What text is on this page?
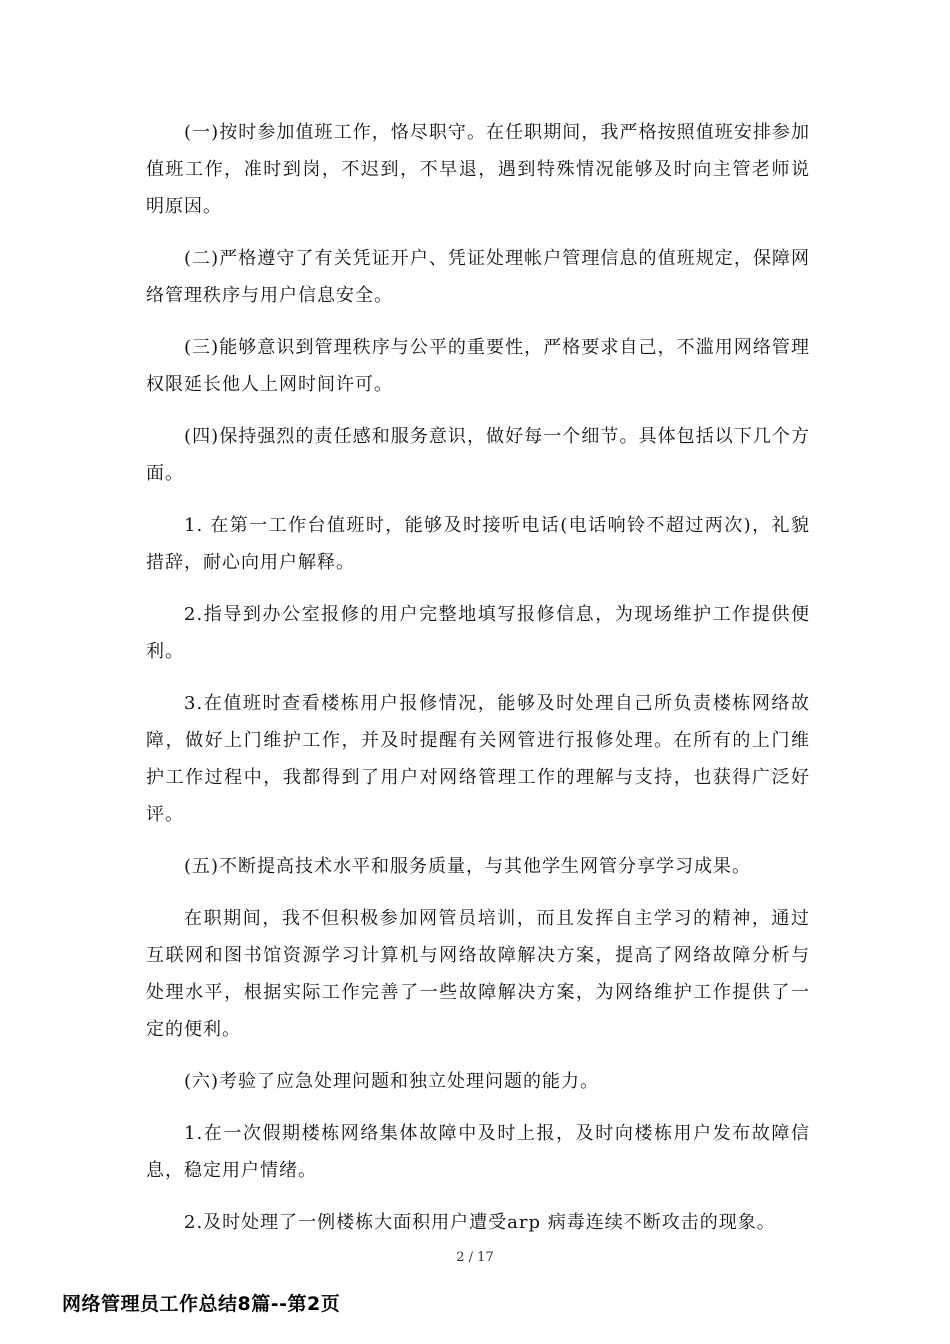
(一)按时参加值班工作，恪尽职守。在任职期间，我严格按照值班安排参加值班工作，准时到岗，不迟到，不早退，遇到特殊情况能够及时向主管老师说明原因。

(二)严格遵守了有关凭证开户、凭证处理帐户管理信息的值班规定，保障网络管理秩序与用户信息安全。

(三)能够意识到管理秩序与公平的重要性，严格要求自己，不滥用网络管理权限延长他人上网时间许可。

(四)保持强烈的责任感和服务意识，做好每一个细节。具体包括以下几个方面。

1. 在第一工作台值班时，能够及时接听电话(电话响铃不超过两次)，礼貌措辞，耐心向用户解释。

2.指导到办公室报修的用户完整地填写报修信息，为现场维护工作提供便利。

3.在值班时查看楼栋用户报修情况，能够及时处理自己所负责楼栋网络故障，做好上门维护工作，并及时提醒有关网管进行报修处理。在所有的上门维护工作过程中，我都得到了用户对网络管理工作的理解与支持，也获得广泛好评。

(五)不断提高技术水平和服务质量，与其他学生网管分享学习成果。

在职期间，我不但积极参加网管员培训，而且发挥自主学习的精神，通过互联网和图书馆资源学习计算机与网络故障解决方案，提高了网络故障分析与处理水平，根据实际工作完善了一些故障解决方案，为网络维护工作提供了一定的便利。

(六)考验了应急处理问题和独立处理问题的能力。

1.在一次假期楼栋网络集体故障中及时上报，及时向楼栋用户发布故障信息，稳定用户情绪。

2.及时处理了一例楼栋大面积用户遭受arp 病毒连续不断攻击的现象。

2 / 17
网络管理员工作总结8篇--第2页
